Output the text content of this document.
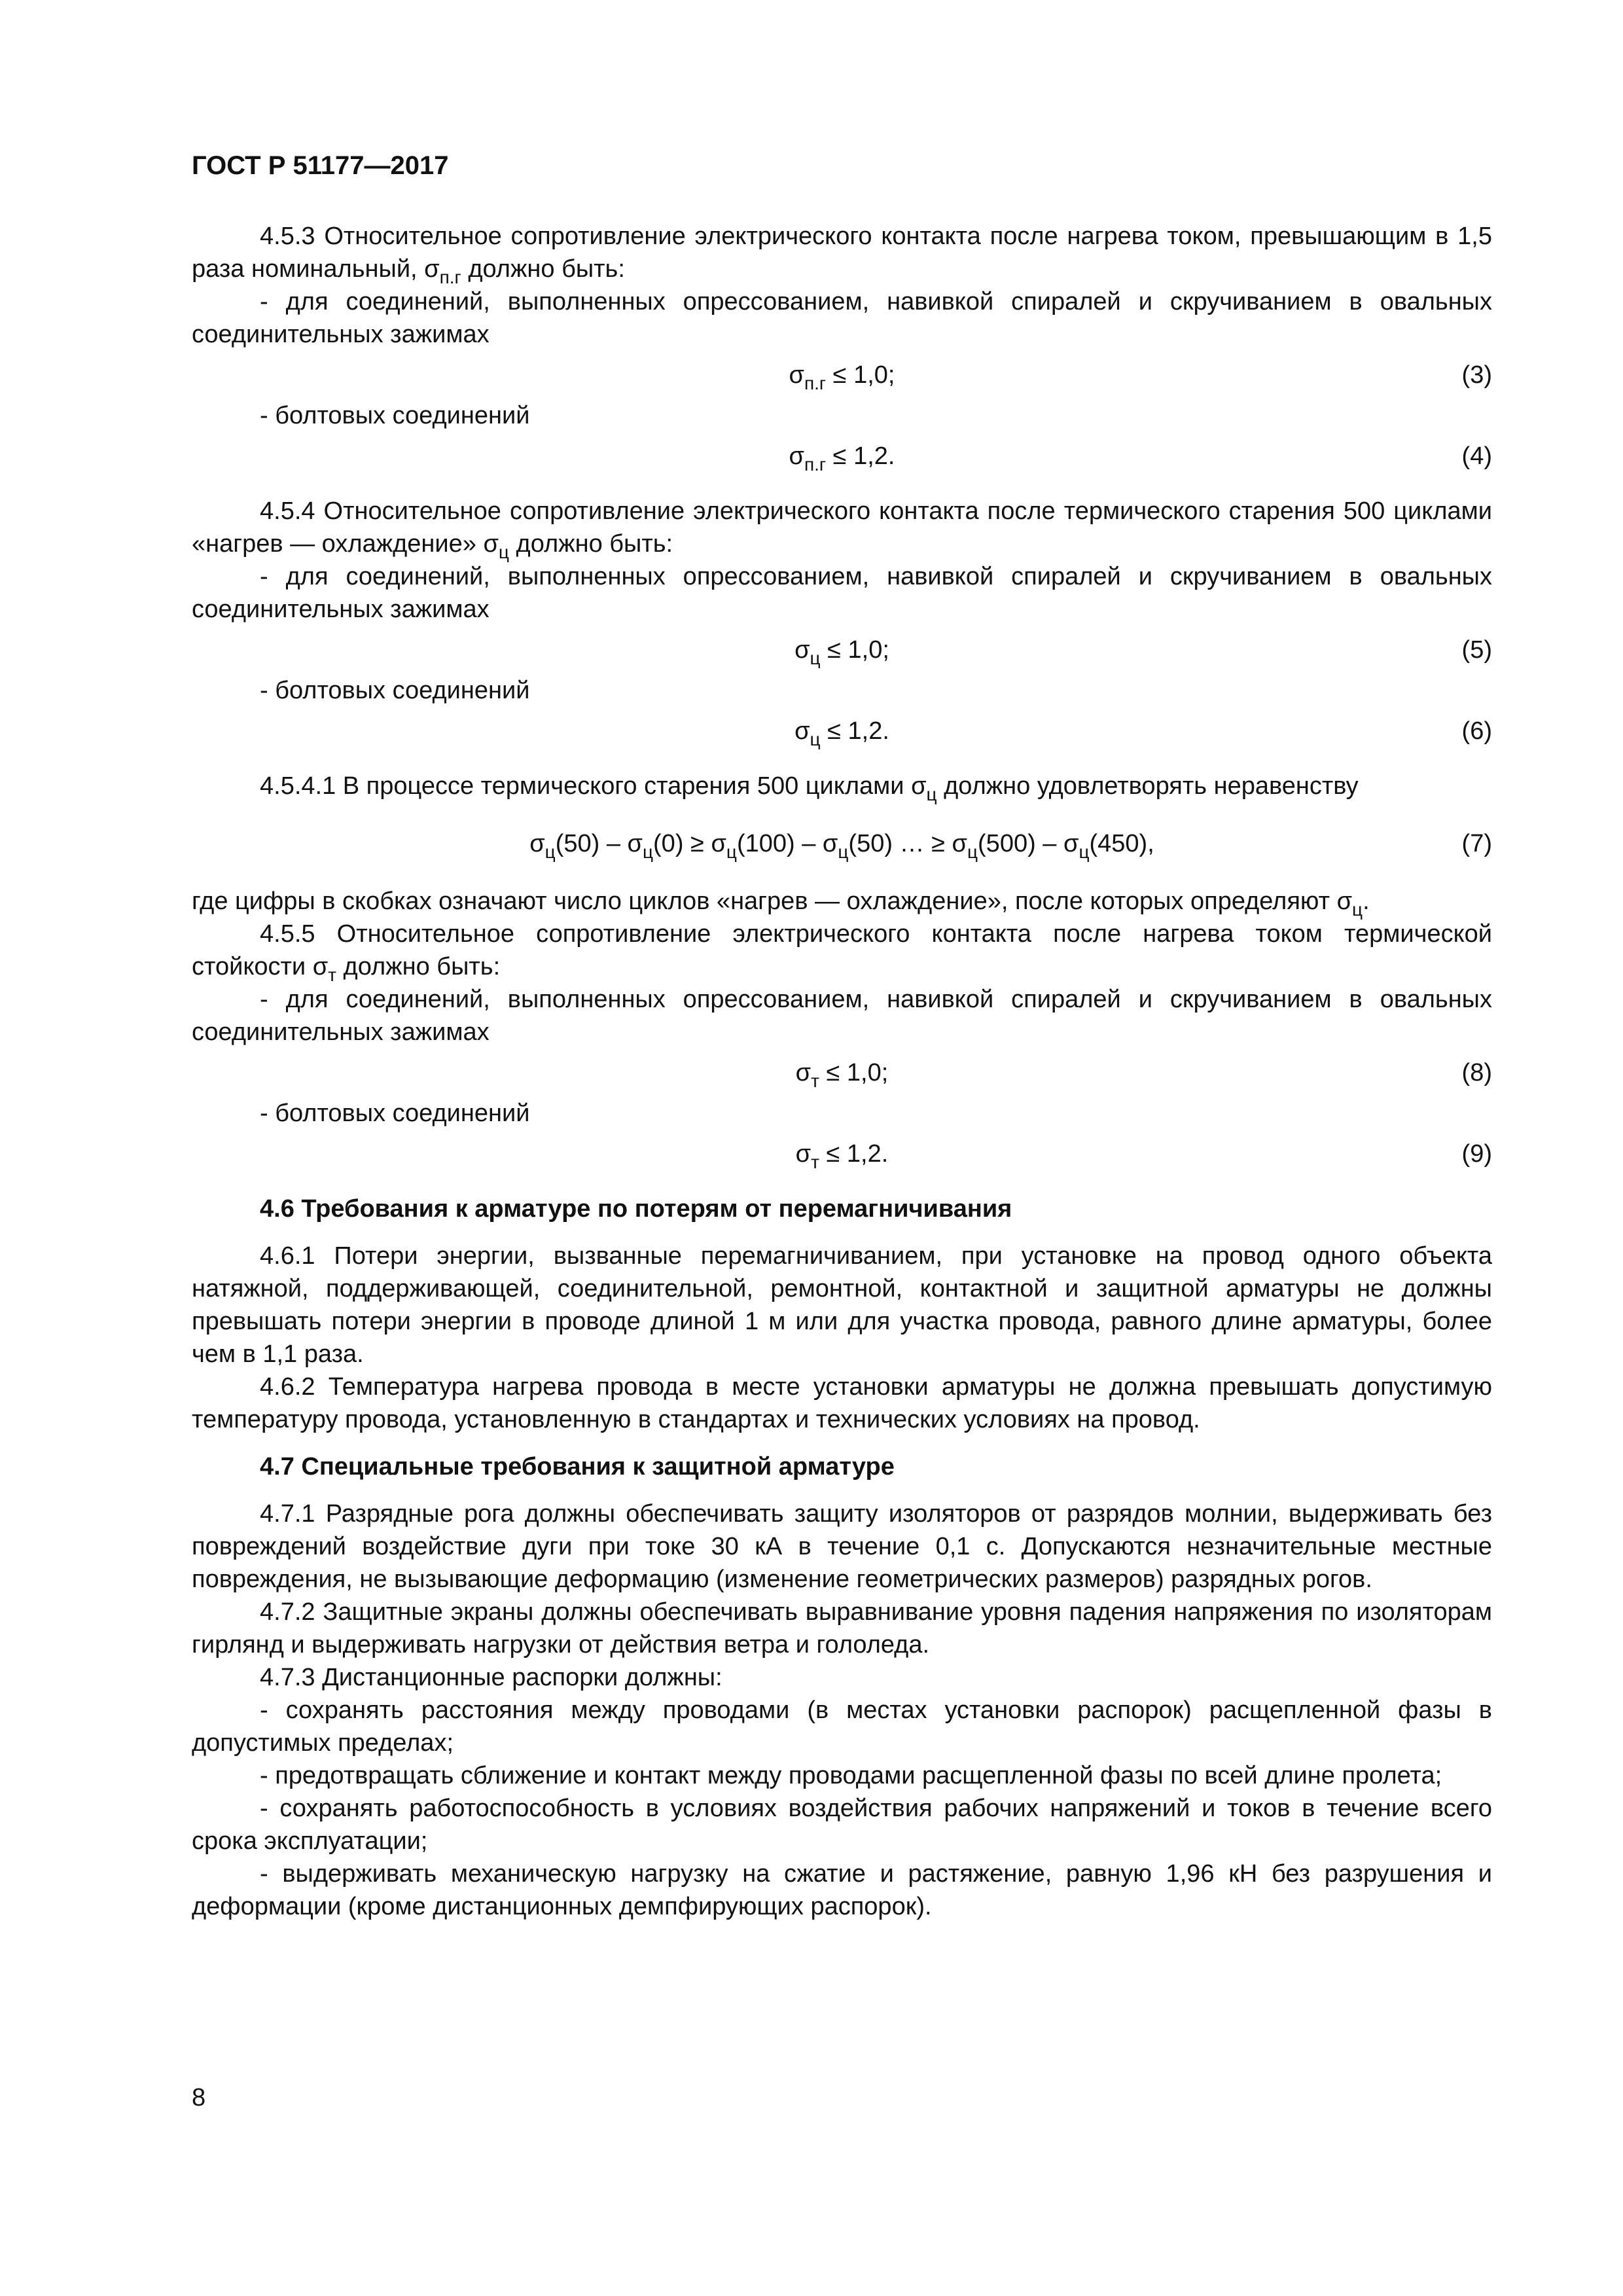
ГОСТ Р 51177—2017

4.5.3 Относительное сопротивление электрического контакта после нагрева током, превышающим в 1,5 раза номинальный, $\sigma_{п.г}$ должно быть:

- для соединений, выполненных опрессованием, навивкой спиралей и скручиванием в овальных соединительных зажимах

$\sigma_{п.г} \le 1,0$;	(3)

- болтовых соединений

$\sigma_{п.г} \le 1,2$.	(4)

4.5.4 Относительное сопротивление электрического контакта после термического старения 500 циклами «нагрев — охлаждение» $\sigma_ц$ должно быть:

- для соединений, выполненных опрессованием, навивкой спиралей и скручиванием в овальных соединительных зажимах

$\sigma_ц \le 1,0$;	(5)

- болтовых соединений

$\sigma_ц \le 1,2$.	(6)

4.5.4.1 В процессе термического старения 500 циклами $\sigma_ц$ должно удовлетворять неравенству

$\sigma_ц(50) - \sigma_ц(0) \ge \sigma_ц(100) - \sigma_ц(50)$ … ≥ $\sigma_ц(500) - \sigma_ц(450)$,	(7)

где цифры в скобках означают число циклов «нагрев — охлаждение», после которых определяют $\sigma_ц$.

4.5.5 Относительное сопротивление электрического контакта после нагрева током термической стойкости $\sigma_т$ должно быть:

- для соединений, выполненных опрессованием, навивкой спиралей и скручиванием в овальных соединительных зажимах

$\sigma_т \le 1,0$;	(8)

- болтовых соединений

$\sigma_т \le 1,2$.	(9)

4.6 Требования к арматуре по потерям от перемагничивания

4.6.1 Потери энергии, вызванные перемагничиванием, при установке на провод одного объекта натяжной, поддерживающей, соединительной, ремонтной, контактной и защитной арматуры не должны превышать потери энергии в проводе длиной 1 м или для участка провода, равного длине арматуры, более чем в 1,1 раза.

4.6.2 Температура нагрева провода в месте установки арматуры не должна превышать допустимую температуру провода, установленную в стандартах и технических условиях на провод.

4.7 Специальные требования к защитной арматуре

4.7.1 Разрядные рога должны обеспечивать защиту изоляторов от разрядов молнии, выдерживать без повреждений воздействие дуги при токе 30 кА в течение 0,1 с. Допускаются незначительные местные повреждения, не вызывающие деформацию (изменение геометрических размеров) разрядных рогов.

4.7.2 Защитные экраны должны обеспечивать выравнивание уровня падения напряжения по изоляторам гирлянд и выдерживать нагрузки от действия ветра и гололеда.

4.7.3 Дистанционные распорки должны:

- сохранять расстояния между проводами (в местах установки распорок) расщепленной фазы в допустимых пределах;

- предотвращать сближение и контакт между проводами расщепленной фазы по всей длине пролета;

- сохранять работоспособность в условиях воздействия рабочих напряжений и токов в течение всего срока эксплуатации;

- выдерживать механическую нагрузку на сжатие и растяжение, равную 1,96 кН без разрушения и деформации (кроме дистанционных демпфирующих распорок).

8
